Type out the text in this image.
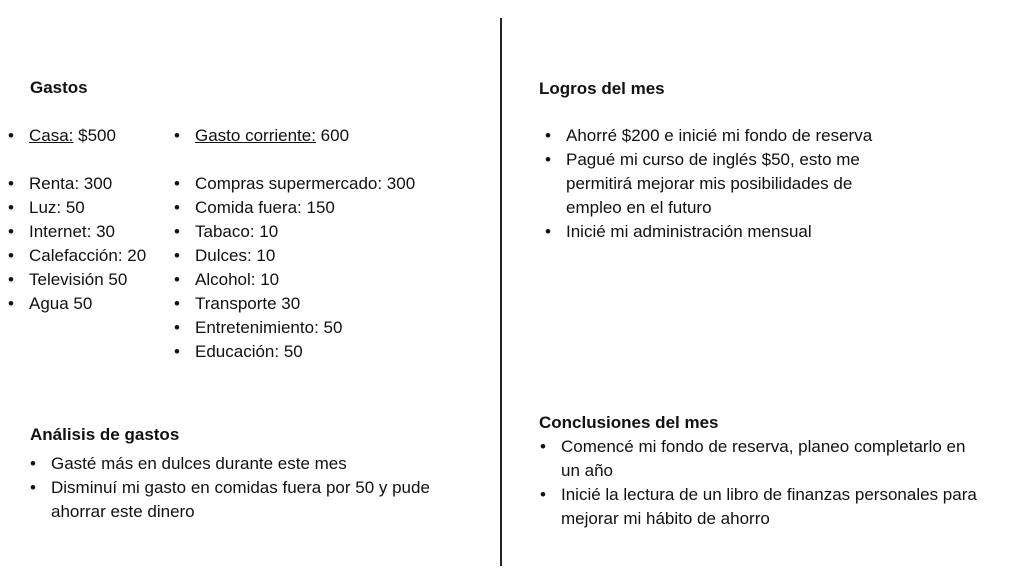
Gastos
• Casa: $500
• Renta: 300
• Luz: 50
• Internet: 30
• Calefacción: 20
• Televisión 50
• Agua 50
• Gasto corriente: 600
• Compras supermercado: 300
• Comida fuera: 150
• Tabaco: 10
• Dulces: 10
• Alcohol: 10
• Transporte 30
• Entretenimiento: 50
• Educación: 50
Análisis de gastos
• Gasté más en dulces durante este mes
• Disminuí mi gasto en comidas fuera por 50 y pude ahorrar este dinero
Logros del mes
• Ahorré $200 e inicié mi fondo de reserva
• Pagué mi curso de inglés $50, esto me permitirá mejorar mis posibilidades de empleo en el futuro
• Inicié mi administración mensual
Conclusiones del mes
• Comencé mi fondo de reserva, planeo completarlo en un año
• Inicié la lectura de un libro de finanzas personales para mejorar mi hábito de ahorro
